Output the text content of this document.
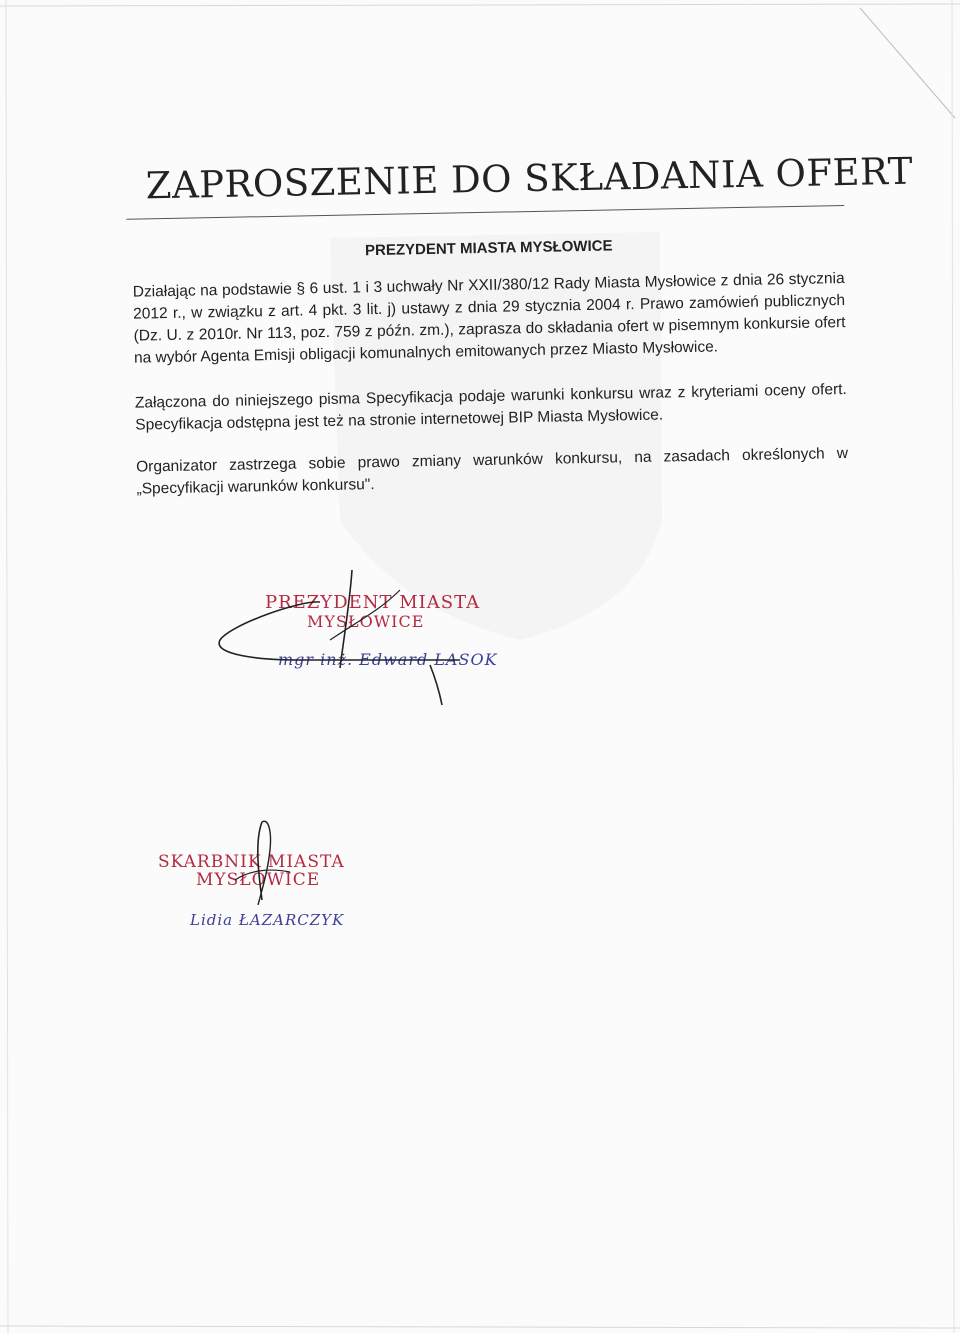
ZAPROSZENIE DO SKŁADANIA OFERT
PREZYDENT MIASTA MYSŁOWICE

Działając na podstawie § 6 ust. 1 i 3 uchwały Nr XXII/380/12 Rady Miasta Mysłowice z dnia 26 stycznia 2012 r., w związku z art. 4 pkt. 3 lit. j) ustawy z dnia 29 stycznia 2004 r. Prawo zamówień publicznych (Dz. U. z 2010r. Nr 113, poz. 759 z późn. zm.), zaprasza do składania ofert w pisemnym konkursie ofert na wybór Agenta Emisji obligacji komunalnych emitowanych przez Miasto Mysłowice.

Załączona do niniejszego pisma Specyfikacja podaje warunki konkursu wraz z kryteriami oceny ofert. Specyfikacja odstępna jest też na stronie internetowej BIP Miasta Mysłowice.

Organizator zastrzega sobie prawo zmiany warunków konkursu, na zasadach określonych w „Specyfikacji warunków konkursu".

PREZYDENT MIASTA
MYSŁOWICE
mgr inż. Edward LASOK
SKARBNIK MIASTA
MYSŁOWICE
Lidia ŁAZARCZYK
